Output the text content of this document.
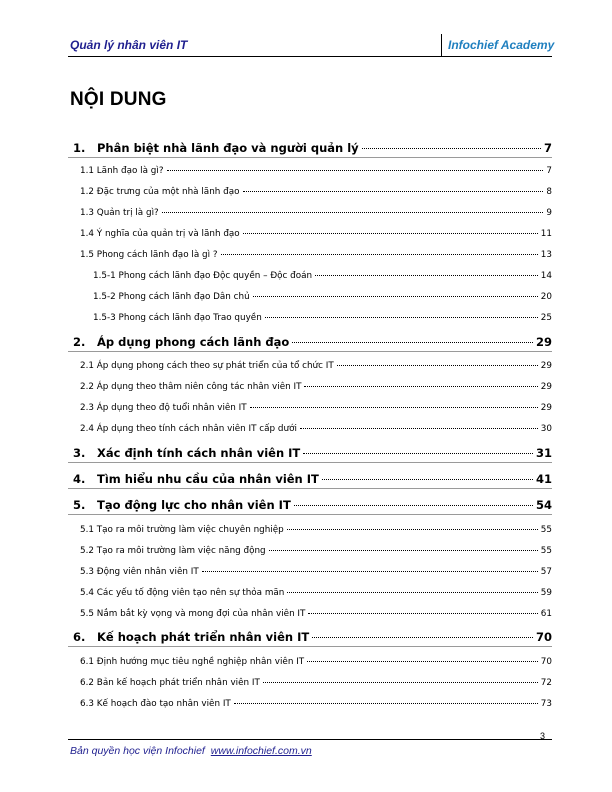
Quản lý nhân viên IT	Infochief Academy
NỘI DUNG
1. Phân biệt nhà lãnh đạo và người quản lý	7
1.1 Lãnh đạo là gì?	7
1.2 Đặc trưng của một nhà lãnh đạo	8
1.3 Quản trị là gì?	9
1.4 Ý nghĩa của quản trị và lãnh đạo	11
1.5 Phong cách lãnh đạo là gì ?	13
1.5-1 Phong cách lãnh đạo Độc quyền – Độc đoán	14
1.5-2 Phong cách lãnh đạo Dân chủ	20
1.5-3 Phong cách lãnh đạo Trao quyền	25
2. Áp dụng phong cách lãnh đạo	29
2.1 Áp dụng phong cách theo sự phát triển của tổ chức IT	29
2.2 Áp dụng theo thâm niên công tác nhân viên IT	29
2.3 Áp dụng theo độ tuổi nhân viên IT	29
2.4 Áp dụng theo tính cách nhân viên IT cấp dưới	30
3. Xác định tính cách nhân viên IT	31
4. Tìm hiểu nhu cầu của nhân viên IT	41
5. Tạo động lực cho nhân viên IT	54
5.1 Tạo ra môi trường làm việc chuyên nghiệp	55
5.2 Tạo ra môi trường làm việc năng động	55
5.3 Động viên nhân viên IT	57
5.4 Các yếu tố động viên tạo nên sự thỏa mãn	59
5.5 Nắm bắt kỳ vọng và mong đợi của nhân viên IT	61
6. Kế hoạch phát triển nhân viên IT	70
6.1 Định hướng mục tiêu nghề nghiệp nhân viên IT	70
6.2 Bản kế hoạch phát triển nhân viên IT	72
6.3 Kế hoạch đào tạo nhân viên IT	73
3
Bản quyền học viện Infochief www.infochief.com.vn
